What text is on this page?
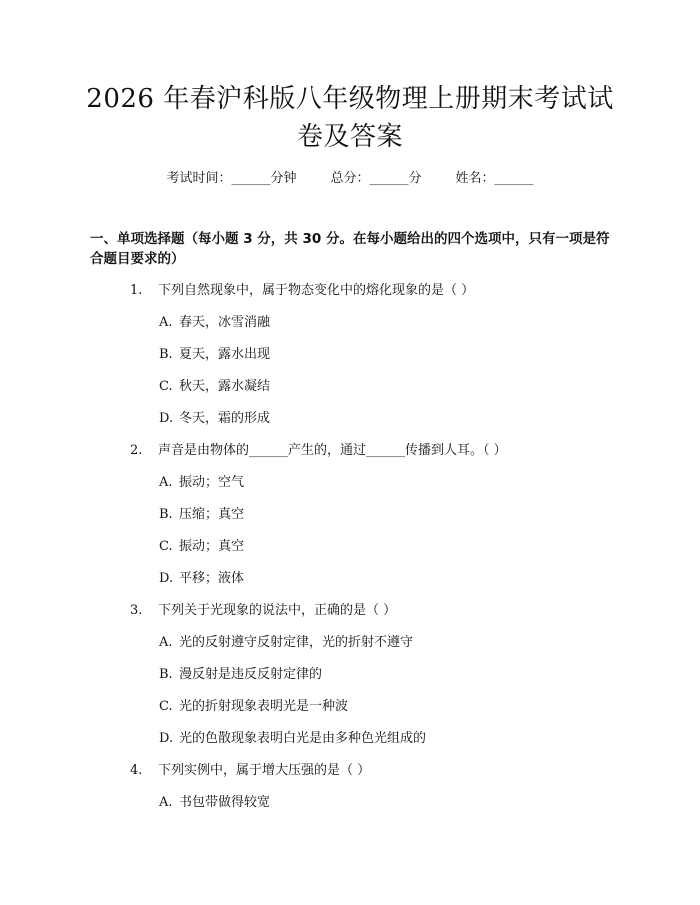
2026 年春沪科版八年级物理上册期末考试试
卷及答案
考试时间：______分钟	总分：______分	姓名：______
一、单项选择题（每小题 3 分，共 30 分。在每小题给出的四个选项中，只有一项是符合题目要求的）
1. 下列自然现象中，属于物态变化中的熔化现象的是（ ）
A. 春天，冰雪消融
B. 夏天，露水出现
C. 秋天，露水凝结
D. 冬天，霜的形成
2. 声音是由物体的______产生的，通过______传播到人耳。（ ）
A. 振动；空气
B. 压缩；真空
C. 振动；真空
D. 平移；液体
3. 下列关于光现象的说法中，正确的是（ ）
A. 光的反射遵守反射定律，光的折射不遵守
B. 漫反射是违反反射定律的
C. 光的折射现象表明光是一种波
D. 光的色散现象表明白光是由多种色光组成的
4. 下列实例中，属于增大压强的是（ ）
A. 书包带做得较宽
